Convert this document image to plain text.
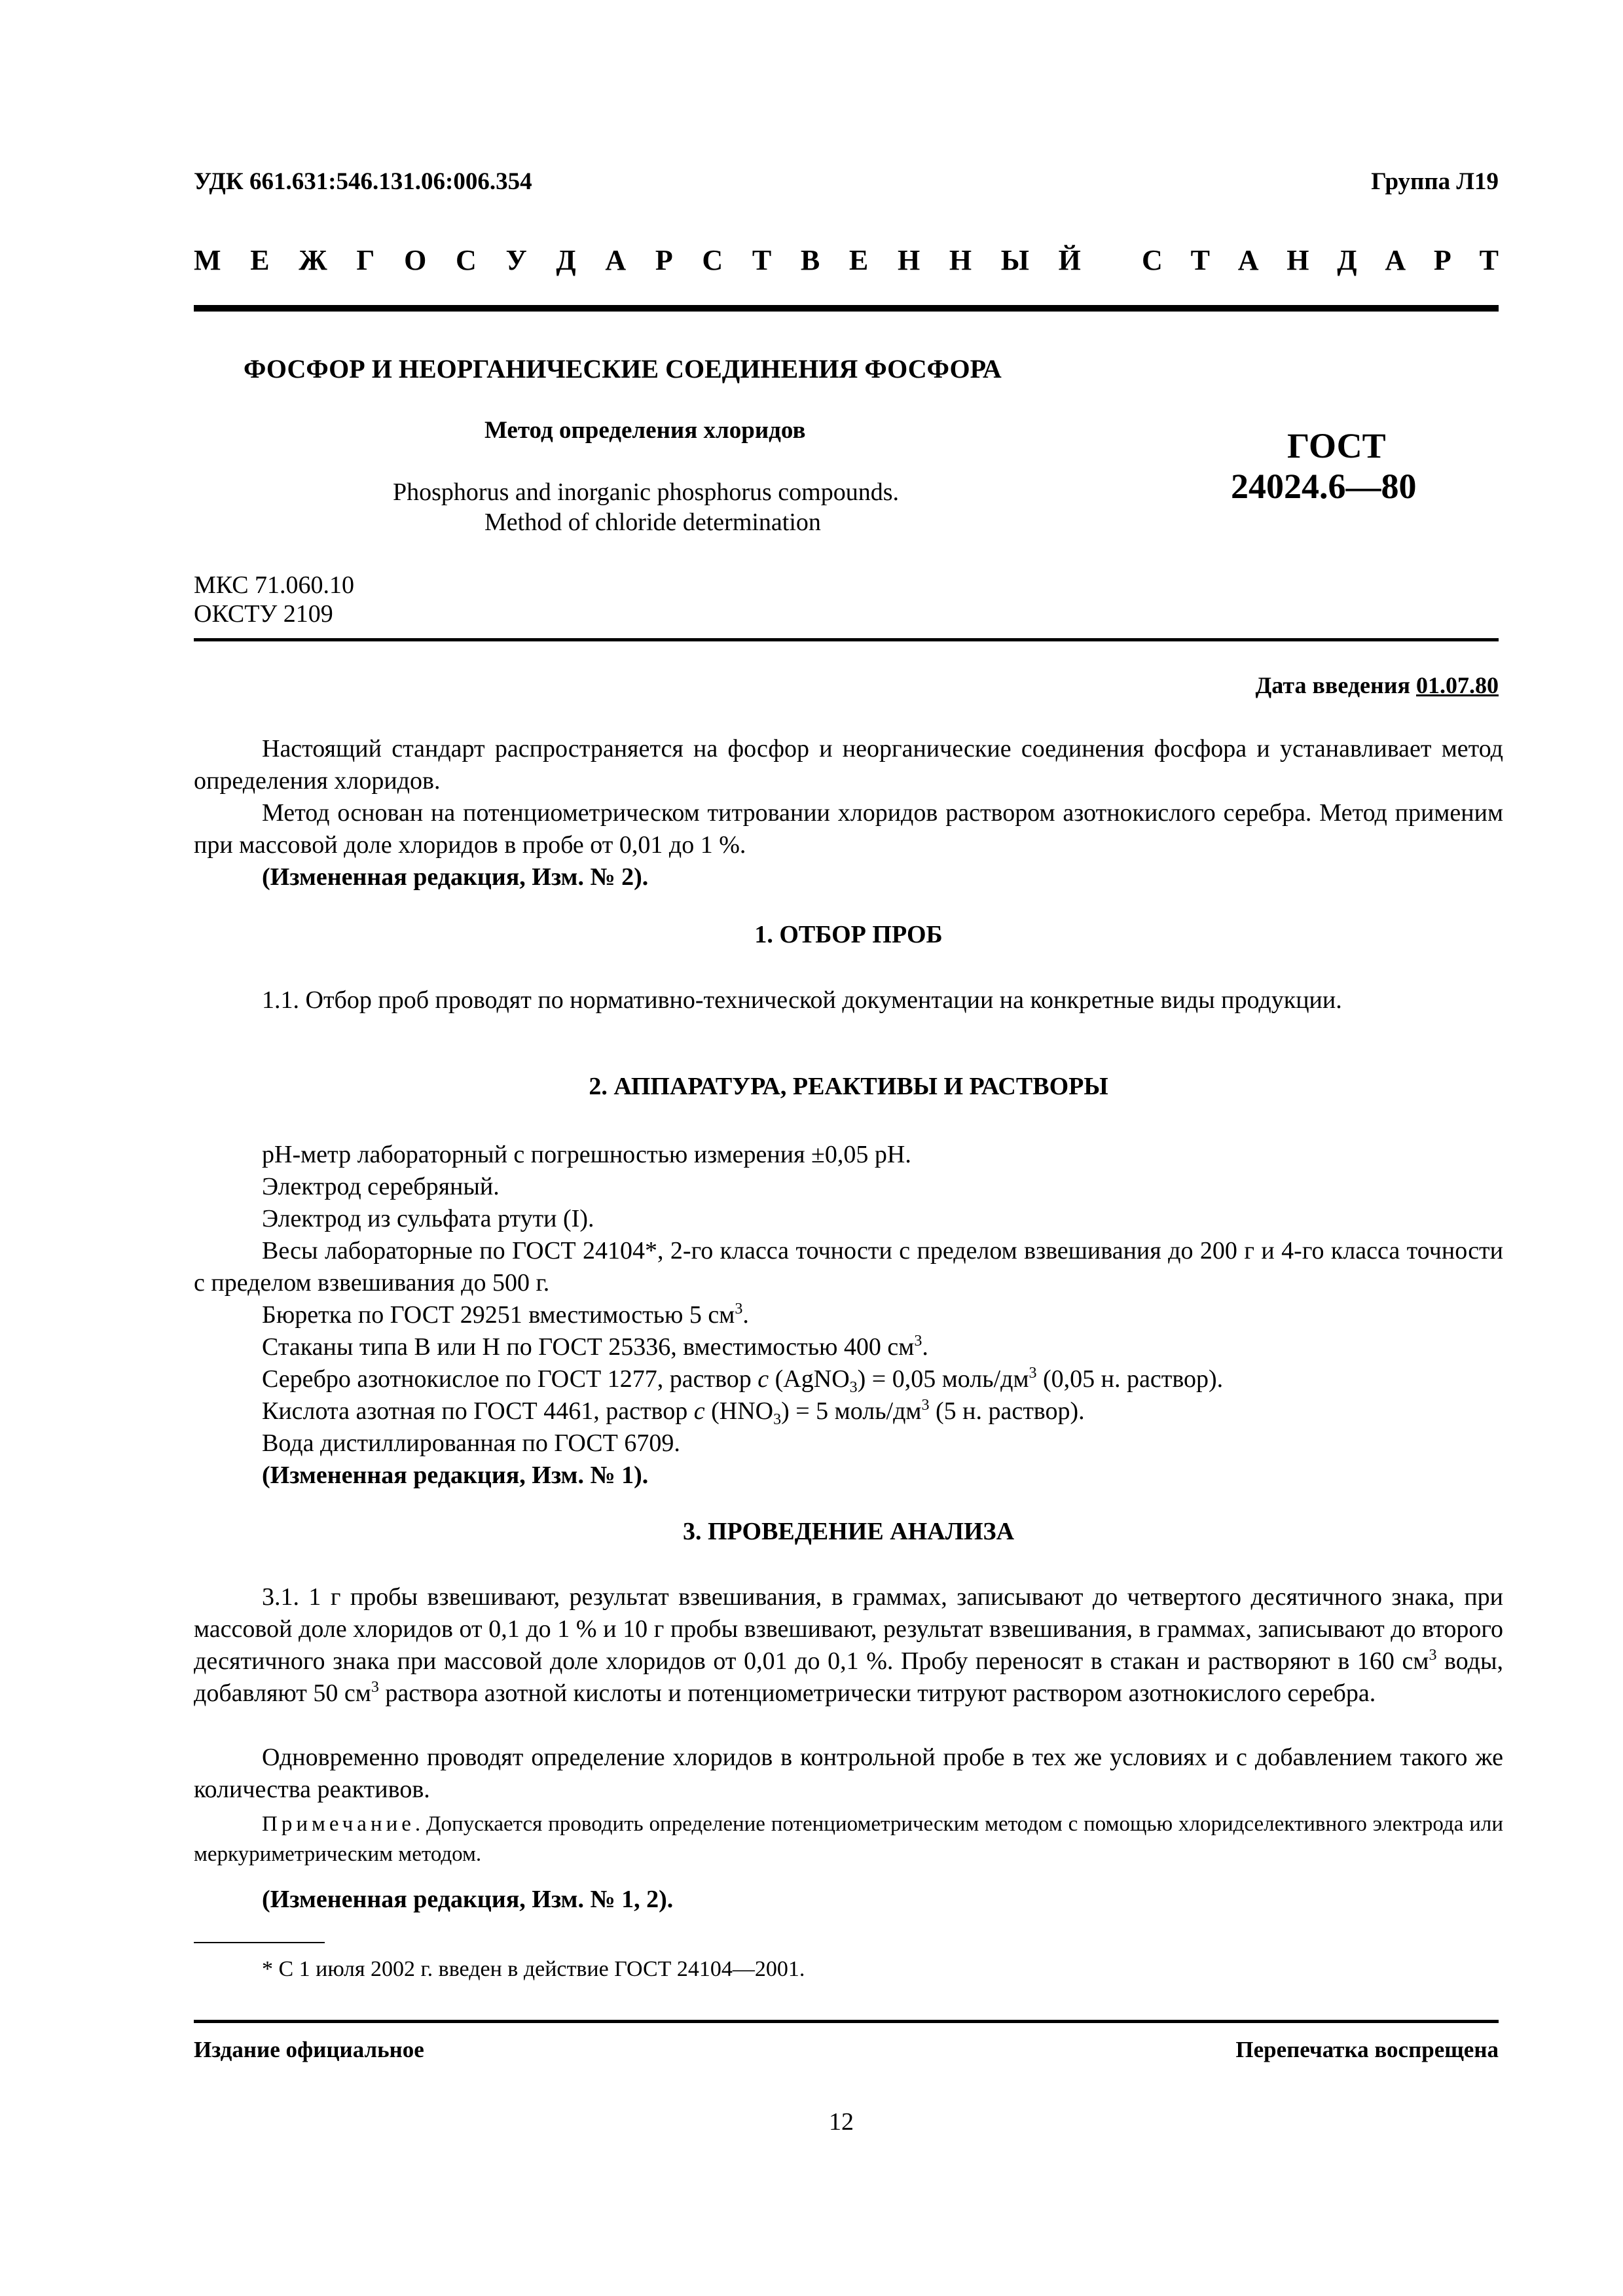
УДК 661.631:546.131.06:006.354	Группа Л19
М Е Ж Г О С У Д А Р С Т В Е Н Н Ы Й С Т А Н Д А Р Т
ФОСФОР И НЕОРГАНИЧЕСКИЕ СОЕДИНЕНИЯ ФОСФОРА
Метод определения хлоридов
Phosphorus and inorganic phosphorus compounds.
Method of chloride determination
ГОСТ
24024.6—80
МКС 71.060.10
ОКСТУ 2109
Дата введения 01.07.80
Настоящий стандарт распространяется на фосфор и неорганические соединения фосфора и устанавливает метод определения хлоридов.
Метод основан на потенциометрическом титровании хлоридов раствором азотнокислого серебра. Метод применим при массовой доле хлоридов в пробе от 0,01 до 1 %.
(Измененная редакция, Изм. № 2).
1. ОТБОР ПРОБ
1.1. Отбор проб проводят по нормативно-технической документации на конкретные виды продукции.
2. АППАРАТУРА, РЕАКТИВЫ И РАСТВОРЫ
рН-метр лабораторный с погрешностью измерения ±0,05 рН.
Электрод серебряный.
Электрод из сульфата ртути (I).
Весы лабораторные по ГОСТ 24104*, 2-го класса точности с пределом взвешивания до 200 г и 4-го класса точности с пределом взвешивания до 500 г.
Бюретка по ГОСТ 29251 вместимостью 5 $см^3$.
Стаканы типа В или Н по ГОСТ 25336, вместимостью 400 $см^3$.
Серебро азотнокислое по ГОСТ 1277, раствор с (AgNO$_3$) = 0,05 моль/$дм^3$ (0,05 н. раствор).
Кислота азотная по ГОСТ 4461, раствор с $(HNO_3) = 5$ моль/$дм^3$ (5 н. раствор).
Вода дистиллированная по ГОСТ 6709.
(Измененная редакция, Изм. № 1).
3. ПРОВЕДЕНИЕ АНАЛИЗА
3.1. 1 г пробы взвешивают, результат взвешивания, в граммах, записывают до четвертого десятичного знака, при массовой доле хлоридов от 0,1 до 1 % и 10 г пробы взвешивают, результат взвешивания, в граммах, записывают до второго десятичного знака при массовой доле хлоридов от 0,01 до 0,1 %. Пробу переносят в стакан и растворяют в 160 $см^3$ воды, добавляют 50 $см^3$ раствора азотной кислоты и потенциометрически титруют раствором азотнокислого серебра.
Одновременно проводят определение хлоридов в контрольной пробе в тех же условиях и с добавлением такого же количества реактивов.
Примечание. Допускается проводить определение потенциометрическим методом с помощью хлоридселективного электрода или меркуриметрическим методом.
(Измененная редакция, Изм. № 1, 2).
* С 1 июля 2002 г. введен в действие ГОСТ 24104—2001.
Издание официальное	Перепечатка воспрещена
12
